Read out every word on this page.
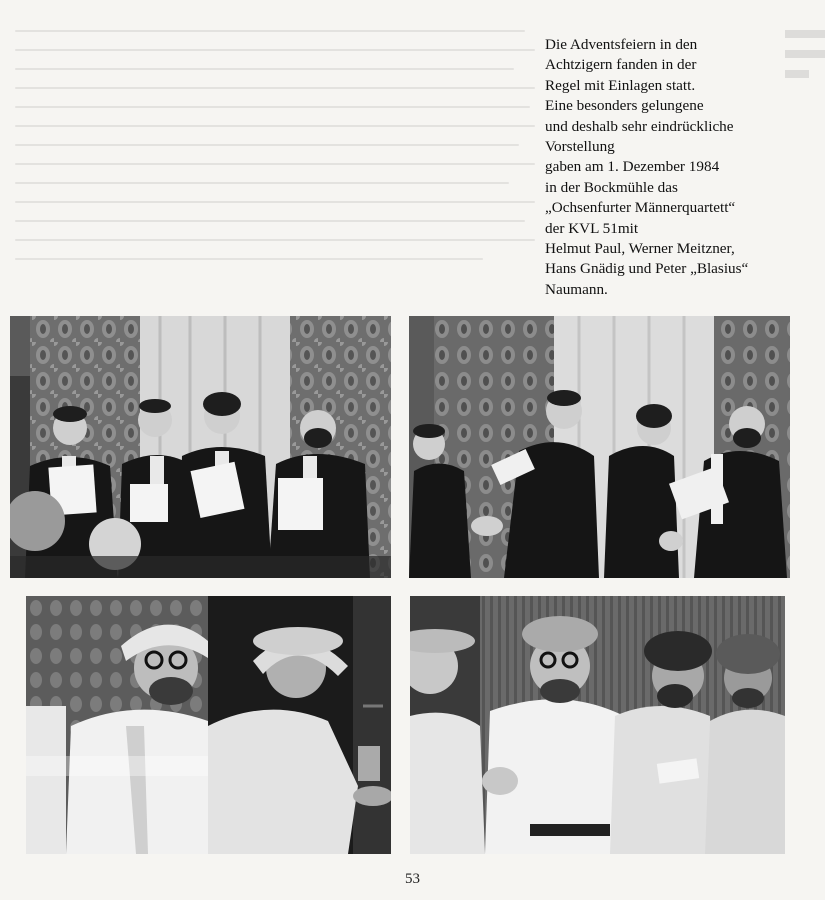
Die Adventsfeiern in den
Achtzigern fanden in der
Regel mit Einlagen statt.
Eine besonders gelungene
und deshalb sehr eindrückliche
Vorstellung
gaben am 1. Dezember 1984
in der Bockmühle das
„Ochsenfurter Männerquartett“
der KVL 51mit
Helmut Paul, Werner Meitzner,
Hans Gnädig und Peter „Blasius“
Naumann.
53
